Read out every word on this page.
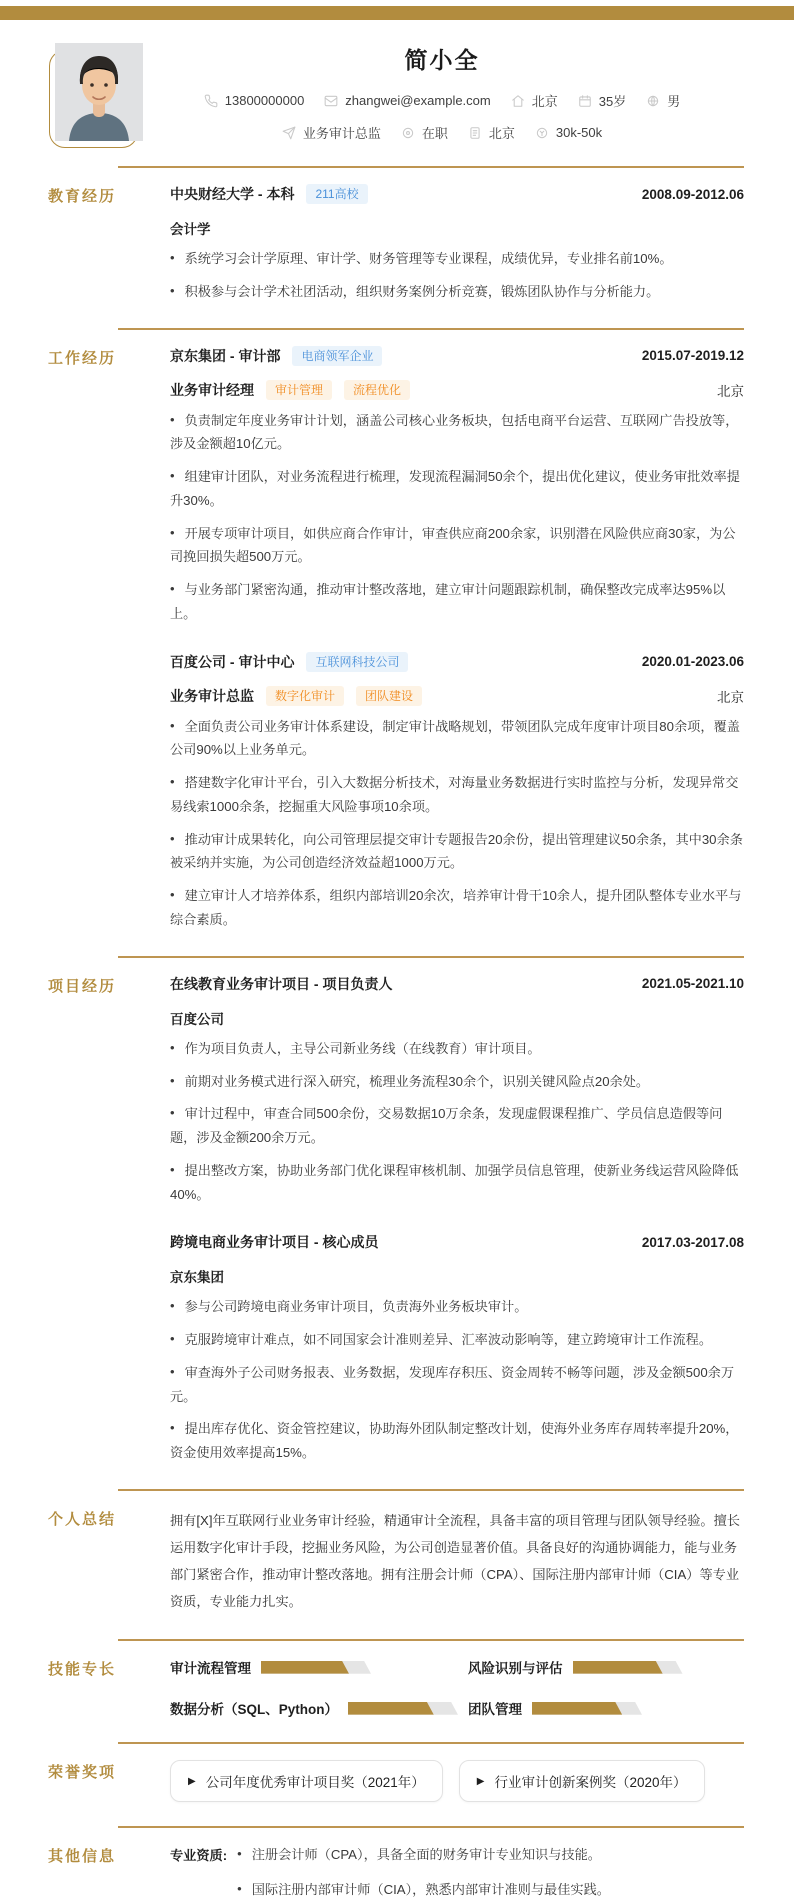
简小全
13800000000	zhangwei@example.com	北京	35岁	男
业务审计总监	在职	北京	30k-50k
教育经历	中央财经大学 - 本科	211高校	2008.09-2012.06
会计学
• 系统学习会计学原理、审计学、财务管理等专业课程，成绩优异，专业排名前10%。
• 积极参与会计学术社团活动，组织财务案例分析竞赛，锻炼团队协作与分析能力。
工作经历	京东集团 - 审计部	电商领军企业	2015.07-2019.12
业务审计经理	审计管理	流程优化	北京
• 负责制定年度业务审计计划，涵盖公司核心业务板块，包括电商平台运营、互联网广告投放等，涉及金额超10亿元。
• 组建审计团队，对业务流程进行梳理，发现流程漏洞50余个，提出优化建议，使业务审批效率提升30%。
• 开展专项审计项目，如供应商合作审计，审查供应商200余家，识别潜在风险供应商30家，为公司挽回损失超500万元。
• 与业务部门紧密沟通，推动审计整改落地，建立审计问题跟踪机制，确保整改完成率达95%以上。
百度公司 - 审计中心	互联网科技公司	2020.01-2023.06
业务审计总监	数字化审计	团队建设	北京
• 全面负责公司业务审计体系建设，制定审计战略规划，带领团队完成年度审计项目80余项，覆盖公司90%以上业务单元。
• 搭建数字化审计平台，引入大数据分析技术，对海量业务数据进行实时监控与分析，发现异常交易线索1000余条，挖掘重大风险事项10余项。
• 推动审计成果转化，向公司管理层提交审计专题报告20余份，提出管理建议50余条，其中30余条被采纳并实施，为公司创造经济效益超1000万元。
• 建立审计人才培养体系，组织内部培训20余次，培养审计骨干10余人，提升团队整体专业水平与综合素质。
项目经历	在线教育业务审计项目 - 项目负责人	2021.05-2021.10
百度公司
• 作为项目负责人，主导公司新业务线（在线教育）审计项目。
• 前期对业务模式进行深入研究，梳理业务流程30余个，识别关键风险点20余处。
• 审计过程中，审查合同500余份，交易数据10万余条，发现虚假课程推广、学员信息造假等问题，涉及金额200余万元。
• 提出整改方案，协助业务部门优化课程审核机制、加强学员信息管理，使新业务线运营风险降低40%。
跨境电商业务审计项目 - 核心成员	2017.03-2017.08
京东集团
• 参与公司跨境电商业务审计项目，负责海外业务板块审计。
• 克服跨境审计难点，如不同国家会计准则差异、汇率波动影响等，建立跨境审计工作流程。
• 审查海外子公司财务报表、业务数据，发现库存积压、资金周转不畅等问题，涉及金额500余万元。
• 提出库存优化、资金管控建议，协助海外团队制定整改计划，使海外业务库存周转率提升20%，资金使用效率提高15%。
个人总结	拥有[X]年互联网行业业务审计经验，精通审计全流程，具备丰富的项目管理与团队领导经验。擅长运用数字化审计手段，挖掘业务风险，为公司创造显著价值。具备良好的沟通协调能力，能与业务部门紧密合作，推动审计整改落地。拥有注册会计师（CPA）、国际注册内部审计师（CIA）等专业资质，专业能力扎实。
技能专长	审计流程管理	风险识别与评估
数据分析（SQL、Python）	团队管理
荣誉奖项	▶ 公司年度优秀审计项目奖（2021年）	▶ 行业审计创新案例奖（2020年）
其他信息	专业资质:	• 注册会计师（CPA），具备全面的财务审计专业知识与技能。
• 国际注册内部审计师（CIA），熟悉内部审计准则与最佳实践。
